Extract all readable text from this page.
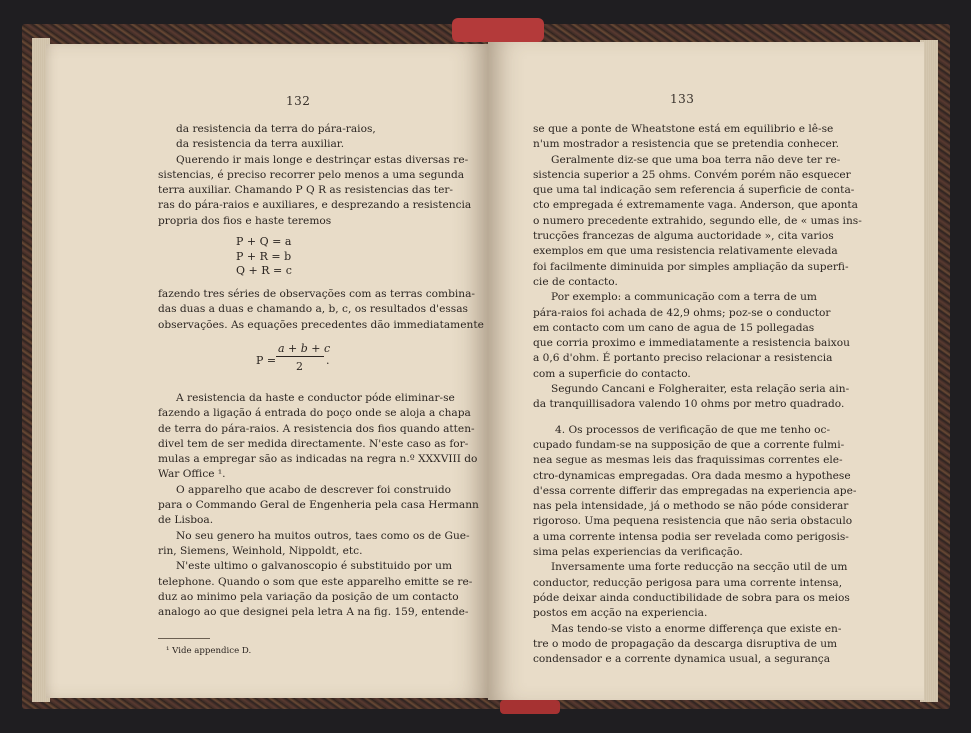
132
da resistencia da terra do pára-raios,
da resistencia da terra auxiliar.
Querendo ir mais longe e destrinçar estas diversas re-
sistencias, é preciso recorrer pelo menos a uma segunda
terra auxiliar. Chamando P Q R as resistencias das ter-
ras do pára-raios e auxiliares, e desprezando a resistencia
propria dos fios e haste teremos
P + Q = a
P + R = b
Q + R = c
fazendo tres séries de observações com as terras combina-
das duas a duas e chamando a, b, c, os resultados d'essas
observações. As equações precedentes dão immediatamente
P =
a + b + c
2 .
A resistencia da haste e conductor póde eliminar-se
fazendo a ligação á entrada do poço onde se aloja a chapa
de terra do pára-raios. A resistencia dos fios quando atten-
divel tem de ser medida directamente. N'este caso as for-
mulas a empregar são as indicadas na regra n.º XXXVIII do
War Office ¹.
O apparelho que acabo de descrever foi construido
para o Commando Geral de Engenheria pela casa Hermann
de Lisboa.
No seu genero ha muitos outros, taes como os de Gue-
rin, Siemens, Weinhold, Nippoldt, etc.
N'este ultimo o galvanoscopio é substituido por um
telephone. Quando o som que este apparelho emitte se re-
duz ao minimo pela variação da posição de um contacto
analogo ao que designei pela letra A na fig. 159, entende-
¹ Vide appendice D.
133
se que a ponte de Wheatstone está em equilibrio e lê-se
n'um mostrador a resistencia que se pretendia conhecer.
Geralmente diz-se que uma boa terra não deve ter re-
sistencia superior a 25 ohms. Convém porém não esquecer
que uma tal indicação sem referencia á superficie de conta-
cto empregada é extremamente vaga. Anderson, que aponta
o numero precedente extrahido, segundo elle, de « umas ins-
trucções francezas de alguma auctoridade », cita varios
exemplos em que uma resistencia relativamente elevada
foi facilmente diminuida por simples ampliação da superfi-
cie de contacto.
Por exemplo: a communicação com a terra de um
pára-raios foi achada de 42,9 ohms; poz-se o conductor
em contacto com um cano de agua de 15 pollegadas
que corria proximo e immediatamente a resistencia baixou
a 0,6 d'ohm. É portanto preciso relacionar a resistencia
com a superficie do contacto.
Segundo Cancani e Folgheraiter, esta relação seria ain-
da tranquillisadora valendo 10 ohms por metro quadrado.
4. Os processos de verificação de que me tenho oc-
cupado fundam-se na supposição de que a corrente fulmi-
nea segue as mesmas leis das fraquissimas correntes ele-
ctro-dynamicas empregadas. Ora dada mesmo a hypothese
d'essa corrente differir das empregadas na experiencia ape-
nas pela intensidade, já o methodo se não póde considerar
rigoroso. Uma pequena resistencia que não seria obstaculo
a uma corrente intensa podia ser revelada como perigosis-
sima pelas experiencias da verificação.
Inversamente uma forte reducção na secção util de um
conductor, reducção perigosa para uma corrente intensa,
póde deixar ainda conductibilidade de sobra para os meios
postos em acção na experiencia.
Mas tendo-se visto a enorme differença que existe en-
tre o modo de propagação da descarga disruptiva de um
condensador e a corrente dynamica usual, a segurança
